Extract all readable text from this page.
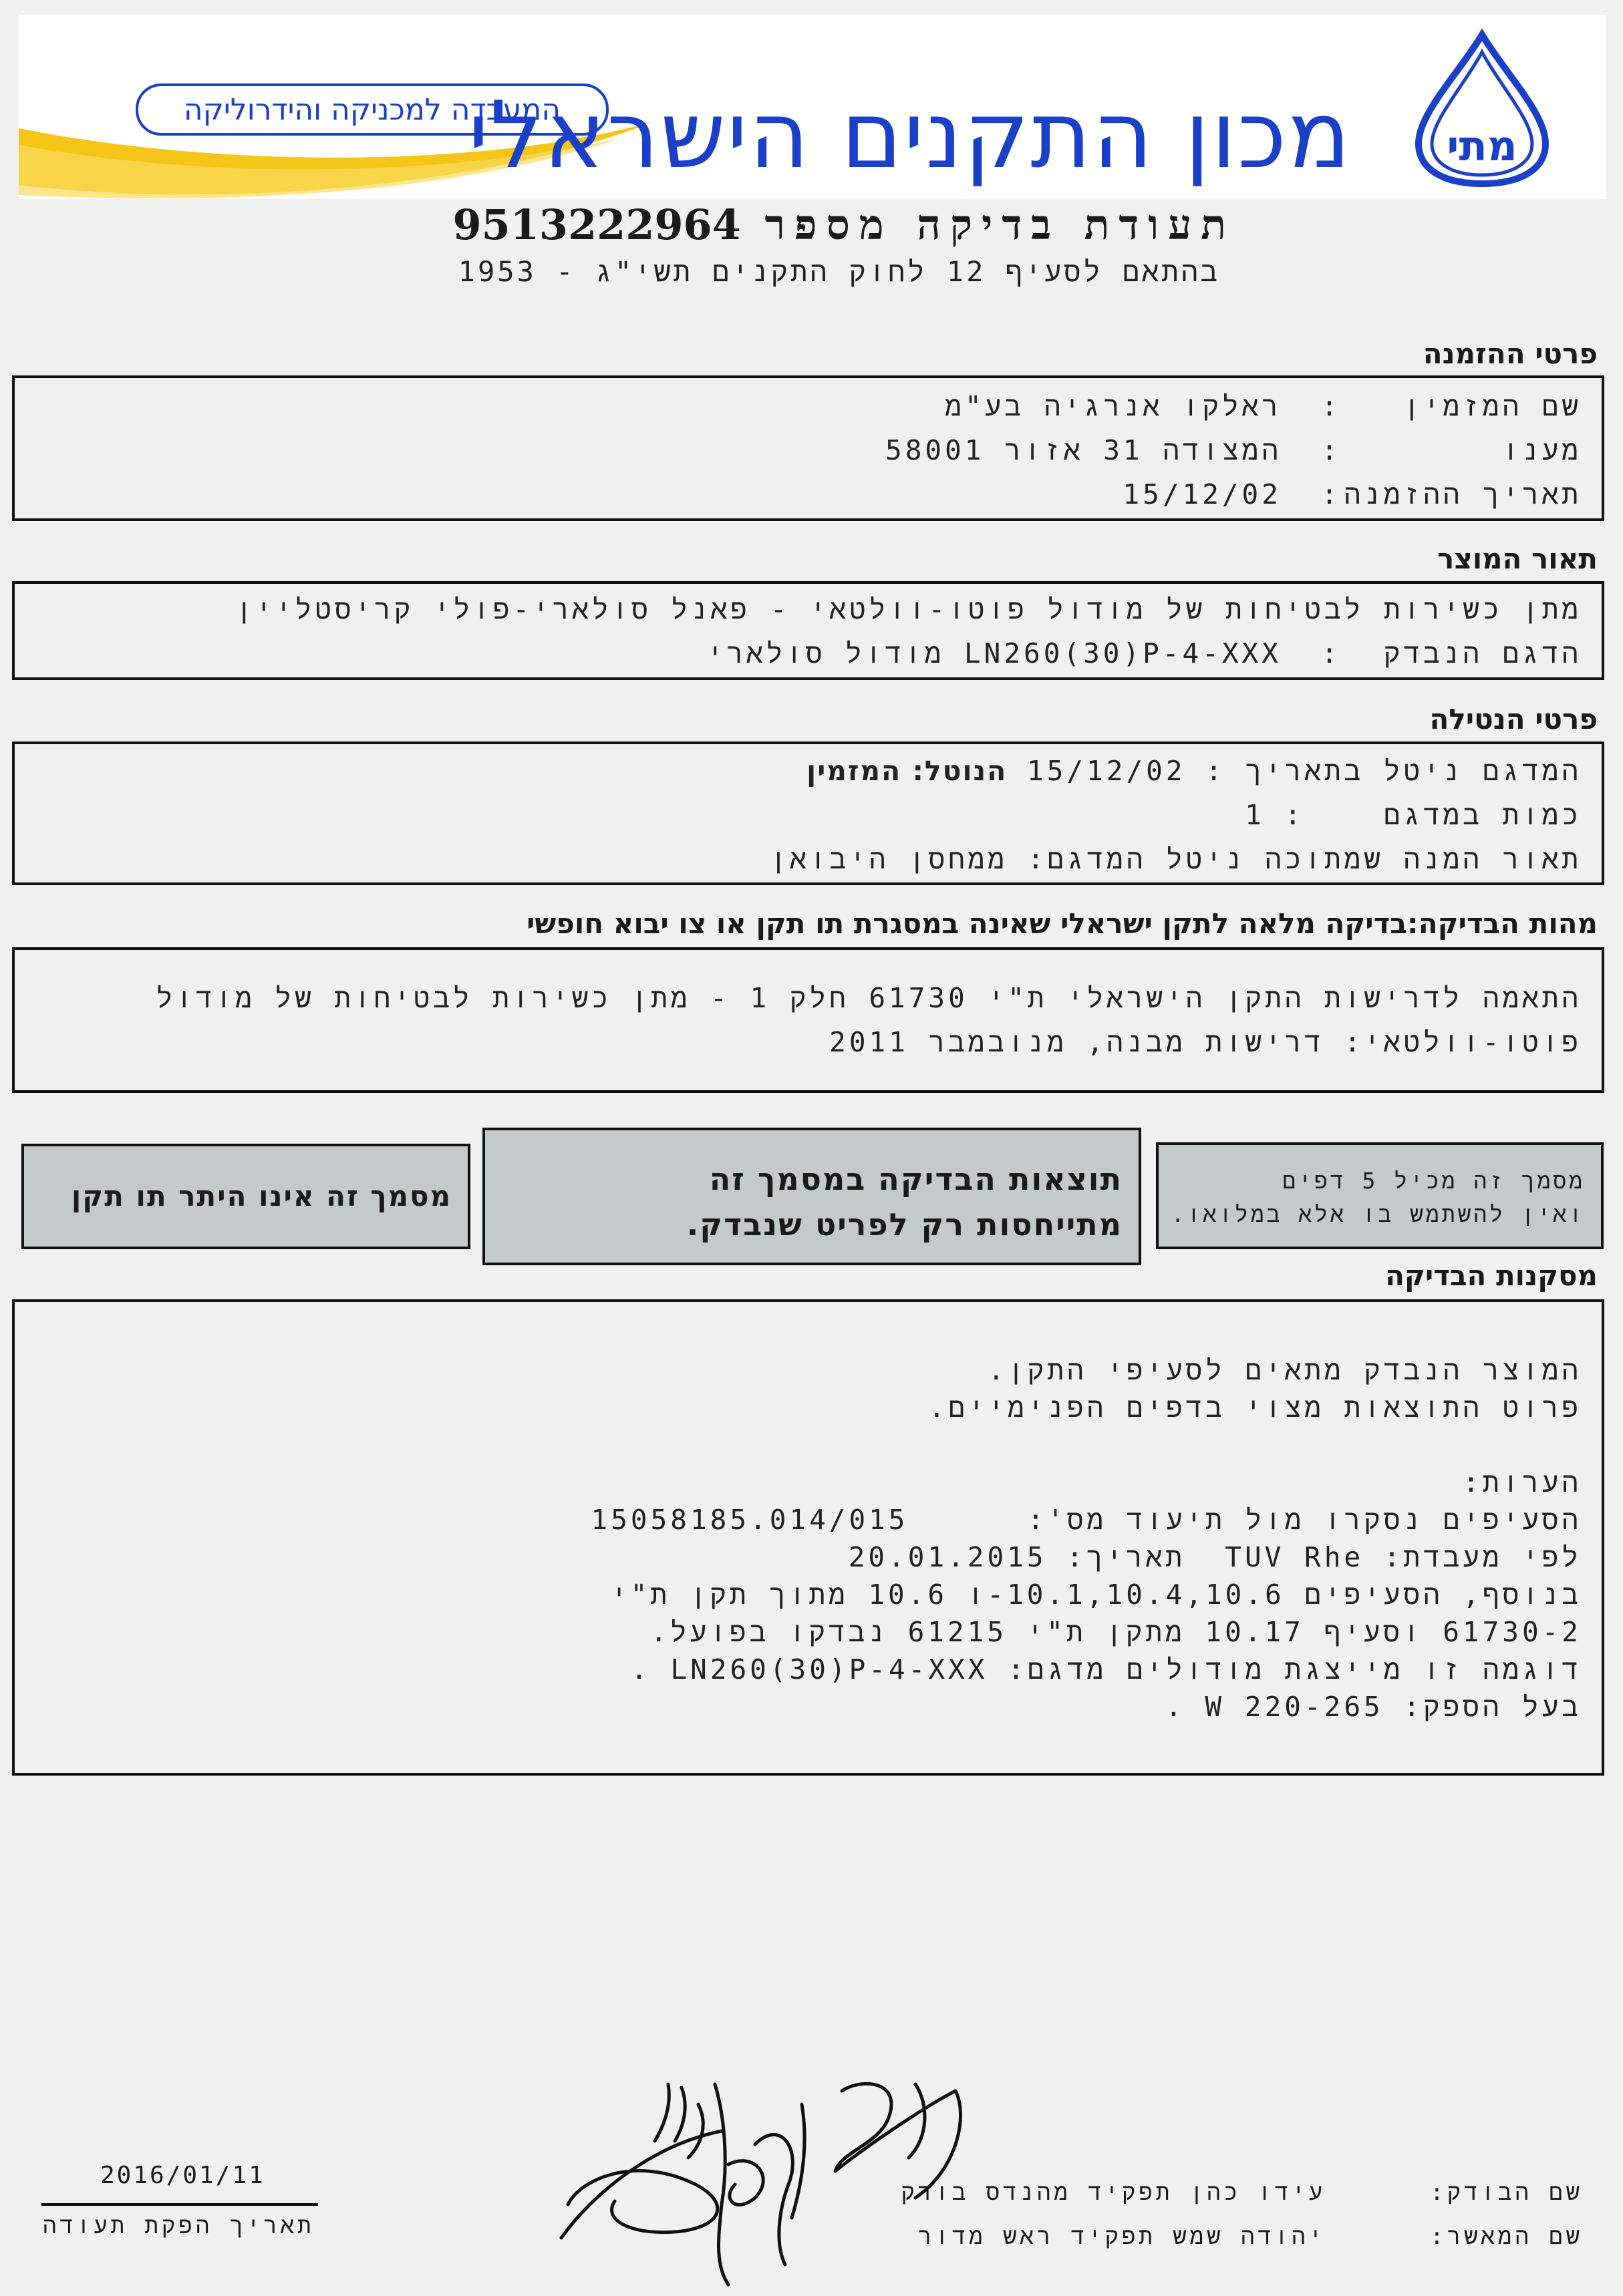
המעבדה למכניקה והידרוליקה
מכון התקנים הישראלי מתי
תעודת בדיקה מספר 9513222964
בהתאם לסעיף 12 לחוק התקנים תשי"ג - 1953
פרטי ההזמנה
שם המזמין:  ראלקו אנרגיה בע"מ
מענו:  המצודה 31 אזור 58001
תאריך ההזמנה:  15/12/02
תאור המוצר
מתן כשירות לבטיחות של מודול פוטו-וולטאי - פאנל סולארי-פולי קריסטליין
הדגם הנבדק:  LN260(30)P-4-XXX מודול סולארי
פרטי הנטילה
המדגם ניטל בתאריך : 15/12/02 הנוטל: המזמין
כמות במדגם    : 1
תאור המנה שמתוכה ניטל המדגם: ממחסן היבואן
מהות הבדיקה:בדיקה מלאה לתקן ישראלי שאינה במסגרת תו תקן או צו יבוא חופשי
התאמה לדרישות התקן הישראלי ת"י 61730 חלק 1 - מתן כשירות לבטיחות של מודול
פוטו-וולטאי: דרישות מבנה, מנובמבר 2011
מסמך זה מכיל 5 דפים
ואין להשתמש בו אלא במלואו.
תוצאות הבדיקה במסמך זה
מתייחסות רק לפריט שנבדק.
מסמך זה אינו היתר תו תקן
מסקנות הבדיקה
המוצר הנבדק מתאים לסעיפי התקן.
פרוט התוצאות מצוי בדפים הפנימיים.
הערות:
הסעיפים נסקרו מול תיעוד מס':      15058185.014/015
לפי מעבדת: TUV Rhe  תאריך: 20.01.2015
בנוסף, הסעיפים 10.1,10.4,10.6-ו 10.6 מתוך תקן ת"י
61730-2 וסעיף 10.17 מתקן ת"י 61215 נבדקו בפועל.
דוגמה זו מייצגת מודולים מדגם: LN260(30)P-4-XXX .
בעל הספק: 220-265 W .
2016/01/11
תאריך הפקת תעודה
שם הבודק:
עידו כהן תפקיד מהנדס בודק
שם המאשר:
יהודה שמש תפקיד ראש מדור
